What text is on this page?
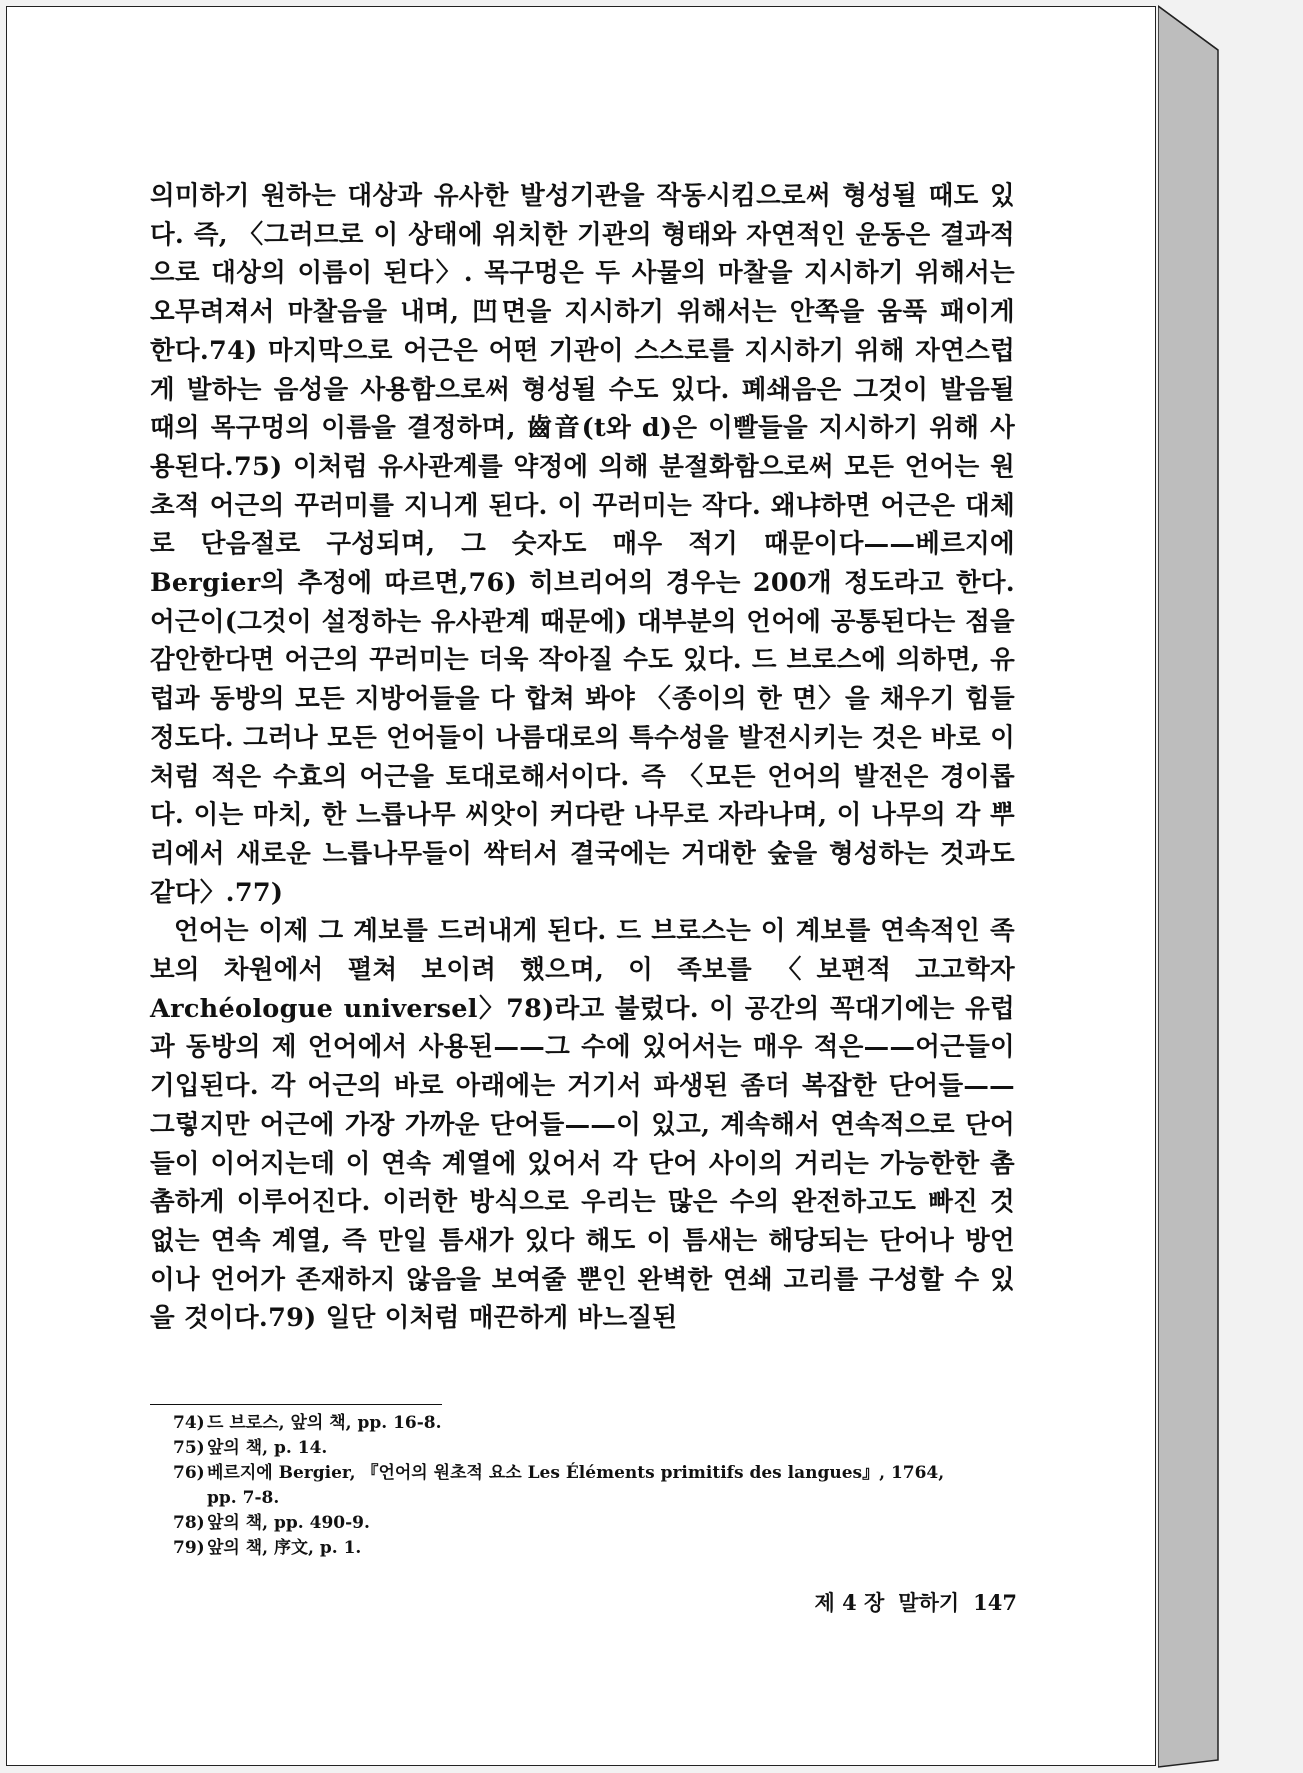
의미하기 원하는 대상과 유사한 발성기관을 작동시킴으로써 형성될 때도 있다. 즉, 〈그러므로 이 상태에 위치한 기관의 형태와 자연적인 운동은 결과적으로 대상의 이름이 된다〉. 목구멍은 두 사물의 마찰을 지시하기 위해서는 오무려져서 마찰음을 내며, 凹면을 지시하기 위해서는 안쪽을 움푹 패이게 한다.74) 마지막으로 어근은 어떤 기관이 스스로를 지시하기 위해 자연스럽게 발하는 음성을 사용함으로써 형성될 수도 있다. 폐쇄음은 그것이 발음될 때의 목구멍의 이름을 결정하며, 齒音(t와 d)은 이빨들을 지시하기 위해 사용된다.75) 이처럼 유사관계를 약정에 의해 분절화함으로써 모든 언어는 원초적 어근의 꾸러미를 지니게 된다. 이 꾸러미는 작다. 왜냐하면 어근은 대체로 단음절로 구성되며, 그 숫자도 매우 적기 때문이다——베르지에 Bergier의 추정에 따르면,76) 히브리어의 경우는 200개 정도라고 한다. 어근이(그것이 설정하는 유사관계 때문에) 대부분의 언어에 공통된다는 점을 감안한다면 어근의 꾸러미는 더욱 작아질 수도 있다. 드 브로스에 의하면, 유럽과 동방의 모든 지방어들을 다 합쳐 봐야 〈종이의 한 면〉을 채우기 힘들 정도다. 그러나 모든 언어들이 나름대로의 특수성을 발전시키는 것은 바로 이처럼 적은 수효의 어근을 토대로해서이다. 즉 〈모든 언어의 발전은 경이롭다. 이는 마치, 한 느릅나무 씨앗이 커다란 나무로 자라나며, 이 나무의 각 뿌리에서 새로운 느릅나무들이 싹터서 결국에는 거대한 숲을 형성하는 것과도 같다〉.77)

언어는 이제 그 계보를 드러내게 된다. 드 브로스는 이 계보를 연속적인 족보의 차원에서 펼쳐 보이려 했으며, 이 족보를 〈보편적 고고학자 Archéologue universel〉78)라고 불렀다. 이 공간의 꼭대기에는 유럽과 동방의 제 언어에서 사용된——그 수에 있어서는 매우 적은——어근들이 기입된다. 각 어근의 바로 아래에는 거기서 파생된 좀더 복잡한 단어들——그렇지만 어근에 가장 가까운 단어들——이 있고, 계속해서 연속적으로 단어들이 이어지는데 이 연속 계열에 있어서 각 단어 사이의 거리는 가능한한 촘촘하게 이루어진다. 이러한 방식으로 우리는 많은 수의 완전하고도 빠진 것 없는 연속 계열, 즉 만일 틈새가 있다 해도 이 틈새는 해당되는 단어나 방언이나 언어가 존재하지 않음을 보여줄 뿐인 완벽한 연쇄 고리를 구성할 수 있을 것이다.79) 일단 이처럼 매끈하게 바느질된

74) 드 브로스, 앞의 책, pp. 16-8.

75) 앞의 책, p. 14.

76) 베르지에 Bergier, 『언어의 원초적 요소 Les Éléments primitifs des langues』, 1764,
pp. 7-8.

78) 앞의 책, pp. 490-9.

79) 앞의 책, 序文, p. 1.

제 4 장 말하기 147
